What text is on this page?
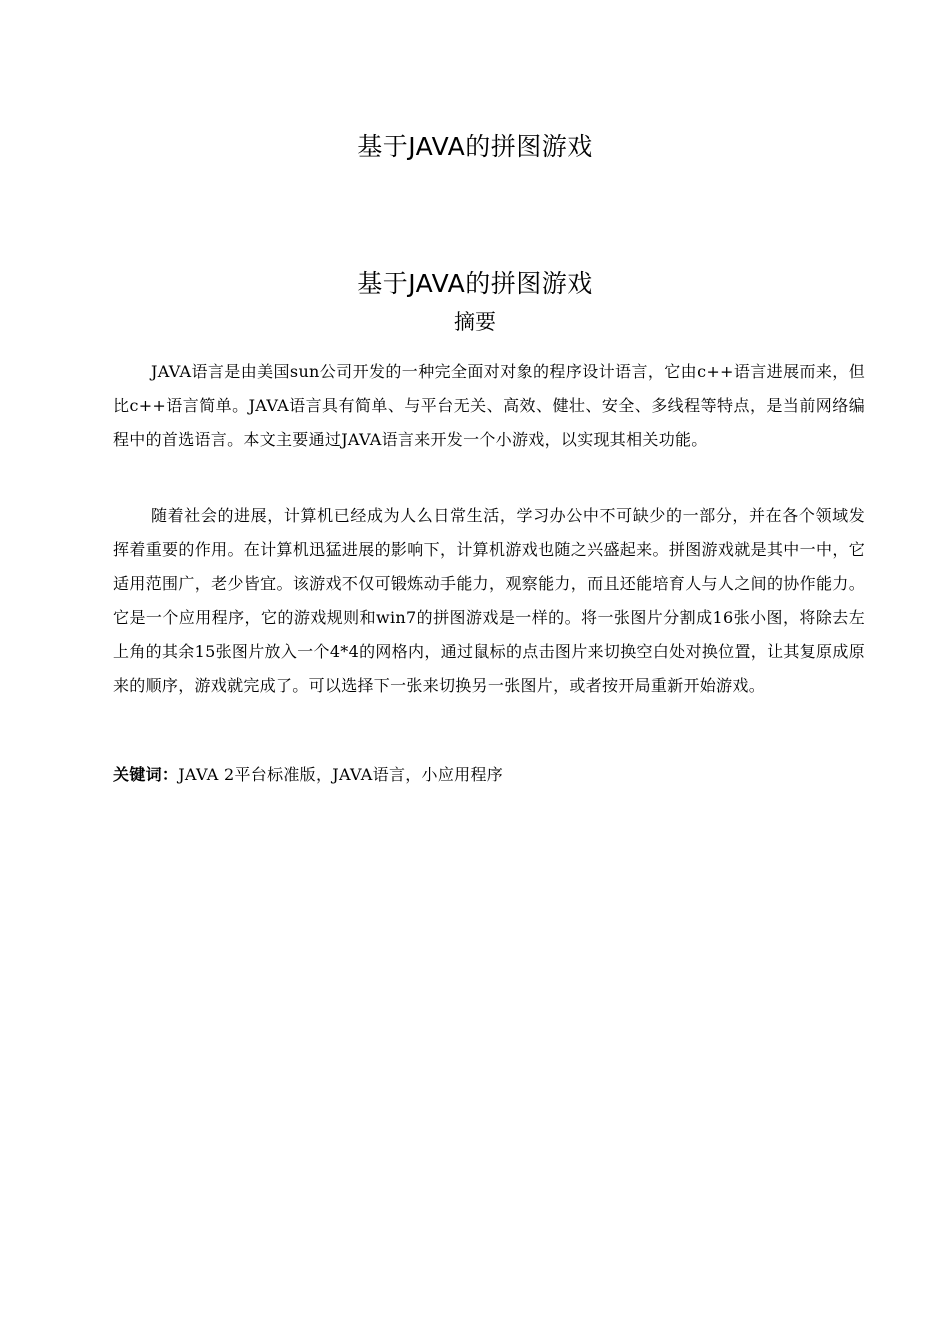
基于JAVA的拼图游戏
基于JAVA的拼图游戏
摘要

JAVA语言是由美国sun公司开发的一种完全面对对象的程序设计语言，它由c++语言进展而来，但比c++语言简单。JAVA语言具有简单、与平台无关、高效、健壮、安全、多线程等特点，是当前网络编程中的首选语言。本文主要通过JAVA语言来开发一个小游戏，以实现其相关功能。

随着社会的进展，计算机已经成为人么日常生活，学习办公中不可缺少的一部分，并在各个领域发挥着重要的作用。在计算机迅猛进展的影响下，计算机游戏也随之兴盛起来。拼图游戏就是其中一中，它适用范围广，老少皆宜。该游戏不仅可锻炼动手能力，观察能力，而且还能培育人与人之间的协作能力。它是一个应用程序，它的游戏规则和win7的拼图游戏是一样的。将一张图片分割成16张小图，将除去左上角的其余15张图片放入一个4*4的网格内，通过鼠标的点击图片来切换空白处对换位置，让其复原成原来的顺序，游戏就完成了。可以选择下一张来切换另一张图片，或者按开局重新开始游戏。

关键词：JAVA 2平台标准版，JAVA语言，小应用程序
